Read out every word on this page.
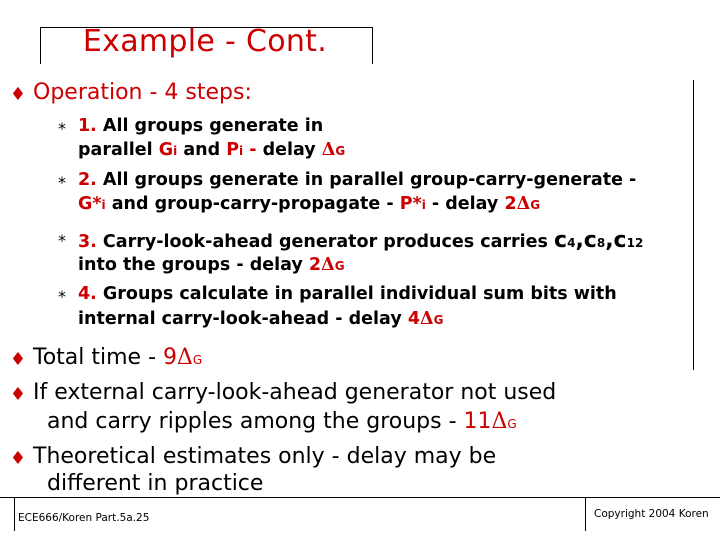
Example - Cont.
♦ Operation - 4 steps:
* 1. All groups generate in
parallel Gi and Pi - delay ΔG
* 2. All groups generate in parallel group-carry-generate -
G*i and group-carry-propagate - P*i - delay 2ΔG
* 3. Carry-look-ahead generator produces carries c4,c8,c12
into the groups - delay 2ΔG
* 4. Groups calculate in parallel individual sum bits with
internal carry-look-ahead - delay 4ΔG
♦ Total time - 9ΔG
♦ If external carry-look-ahead generator not used
and carry ripples among the groups - 11ΔG
♦ Theoretical estimates only - delay may be
different in practice
ECE666/Koren Part.5a.25	Copyright 2004 Koren
